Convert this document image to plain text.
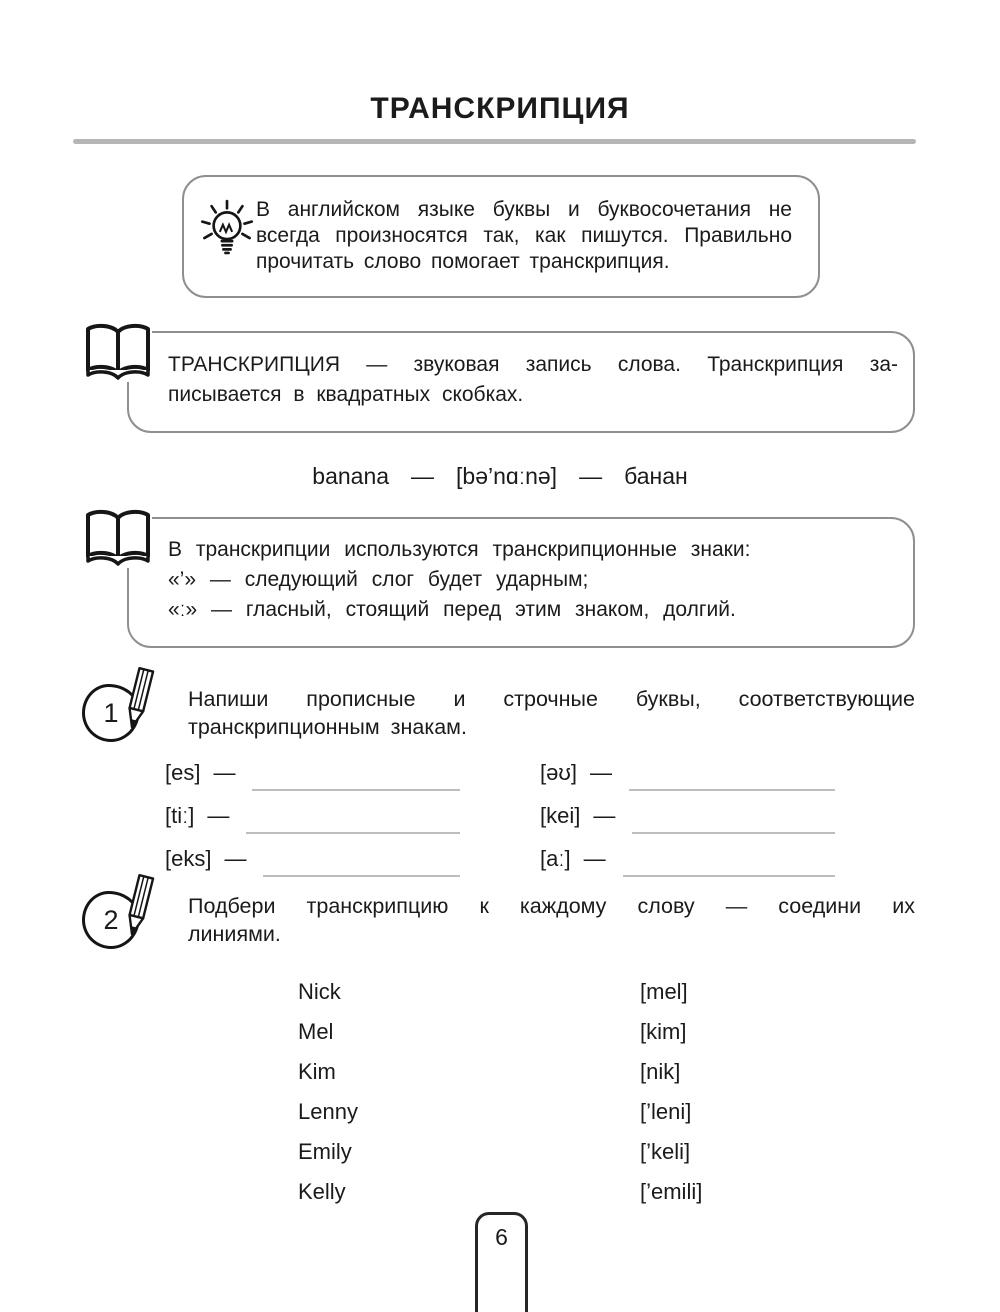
ТРАНСКРИПЦИЯ
В английском языке буквы и буквосочетания не
всегда произносятся так, как пишутся. Правильно
прочитать слово помогает транскрипция.
ТРАНСКРИПЦИЯ — звуковая запись слова. Транскрипция за-
писывается в квадратных скобках.
banana — [bə’nɑːnə] — банан
В транскрипции используются транскрипционные знаки:
«’» — следующий слог будет ударным;
«ː» — гласный, стоящий перед этим знаком, долгий.
1	Напиши прописные и строчные буквы, соответствующие
транскрипционным знакам.
[es] —	[əʊ] —
[tiː] —	[kei] —
[eks] —	[aː] —
2	Подбери транскрипцию к каждому слову — соедини их
линиями.
Nick
Mel
Kim
Lenny
Emily
Kelly
[mel]
[kim]
[nik]
[’leni]
[’keli]
[’emili]
6
